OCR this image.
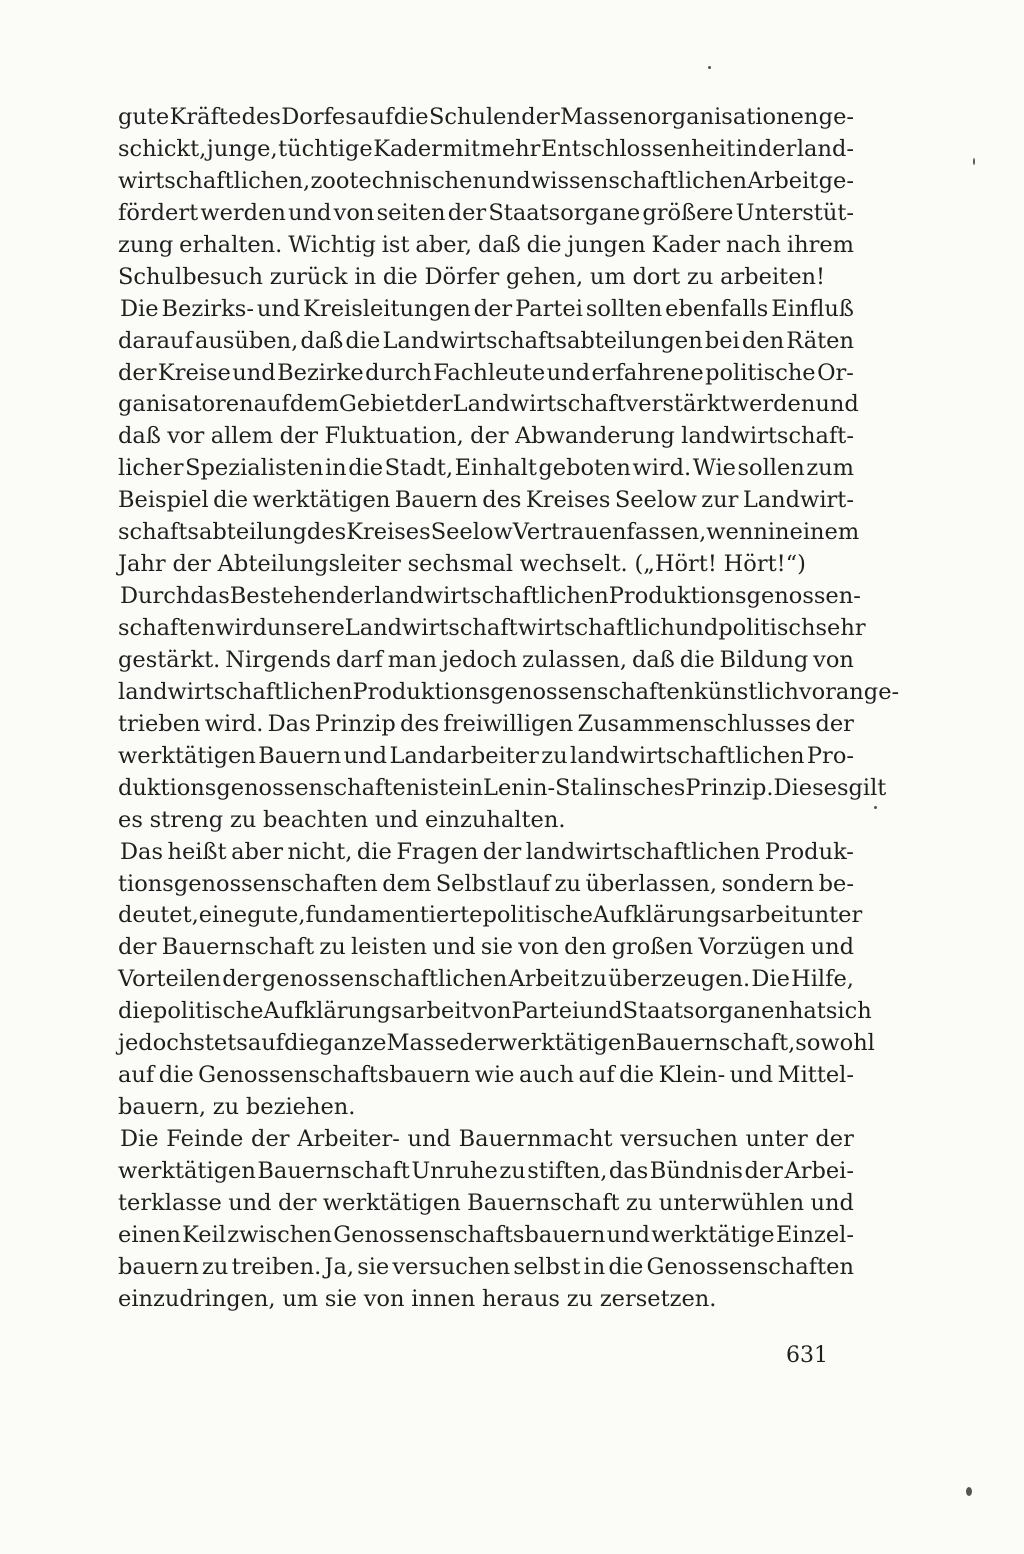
gute Kräfte des Dorfes auf die Schulen der Massenorganisationen ge-
schickt, junge, tüchtige Kader mit mehr Entschlossenheit in der land-
wirtschaftlichen, zootechnischen und wissenschaftlichen Arbeit ge-
fördert werden und von seiten der Staatsorgane größere Unterstüt-
zung erhalten. Wichtig ist aber, daß die jungen Kader nach ihrem
Schulbesuch zurück in die Dörfer gehen, um dort zu arbeiten!
Die Bezirks- und Kreisleitungen der Partei sollten ebenfalls Einfluß
darauf ausüben, daß die Landwirtschaftsabteilungen bei den Räten
der Kreise und Bezirke durch Fachleute und erfahrene politische Or-
ganisatoren auf dem Gebiet der Landwirtschaft verstärkt werden und
daß vor allem der Fluktuation, der Abwanderung landwirtschaft-
licher Spezialisten in die Stadt, Einhalt geboten wird. Wie sollen zum
Beispiel die werktätigen Bauern des Kreises Seelow zur Landwirt-
schaftsabteilung des Kreises Seelow Vertrauen fassen, wenn in einem
Jahr der Abteilungsleiter sechsmal wechselt. („Hört! Hört!“)
Durch das Bestehen der landwirtschaftlichen Produktionsgenossen-
schaften wird unsere Landwirtschaft wirtschaftlich und politisch sehr
gestärkt. Nirgends darf man jedoch zulassen, daß die Bildung von
landwirtschaftlichen Produktionsgenossenschaften künstlich vorange-
trieben wird. Das Prinzip des freiwilligen Zusammenschlusses der
werktätigen Bauern und Landarbeiter zu landwirtschaftlichen Pro-
duktionsgenossenschaften ist ein Lenin-Stalinsches Prinzip. Dieses gilt
es streng zu beachten und einzuhalten.
Das heißt aber nicht, die Fragen der landwirtschaftlichen Produk-
tionsgenossenschaften dem Selbstlauf zu überlassen, sondern be-
deutet, eine gute, fundamentierte politische Aufklärungsarbeit unter
der Bauernschaft zu leisten und sie von den großen Vorzügen und
Vorteilen der genossenschaftlichen Arbeit zu überzeugen. Die Hilfe,
die politische Aufklärungsarbeit von Partei und Staatsorganen hat sich
jedoch stets auf die ganze Masse der werktätigen Bauernschaft, sowohl
auf die Genossenschaftsbauern wie auch auf die Klein- und Mittel-
bauern, zu beziehen.
Die Feinde der Arbeiter- und Bauernmacht versuchen unter der
werktätigen Bauernschaft Unruhe zu stiften, das Bündnis der Arbei-
terklasse und der werktätigen Bauernschaft zu unterwühlen und
einen Keil zwischen Genossenschaftsbauern und werktätige Einzel-
bauern zu treiben. Ja, sie versuchen selbst in die Genossenschaften
einzudringen, um sie von innen heraus zu zersetzen.
631
